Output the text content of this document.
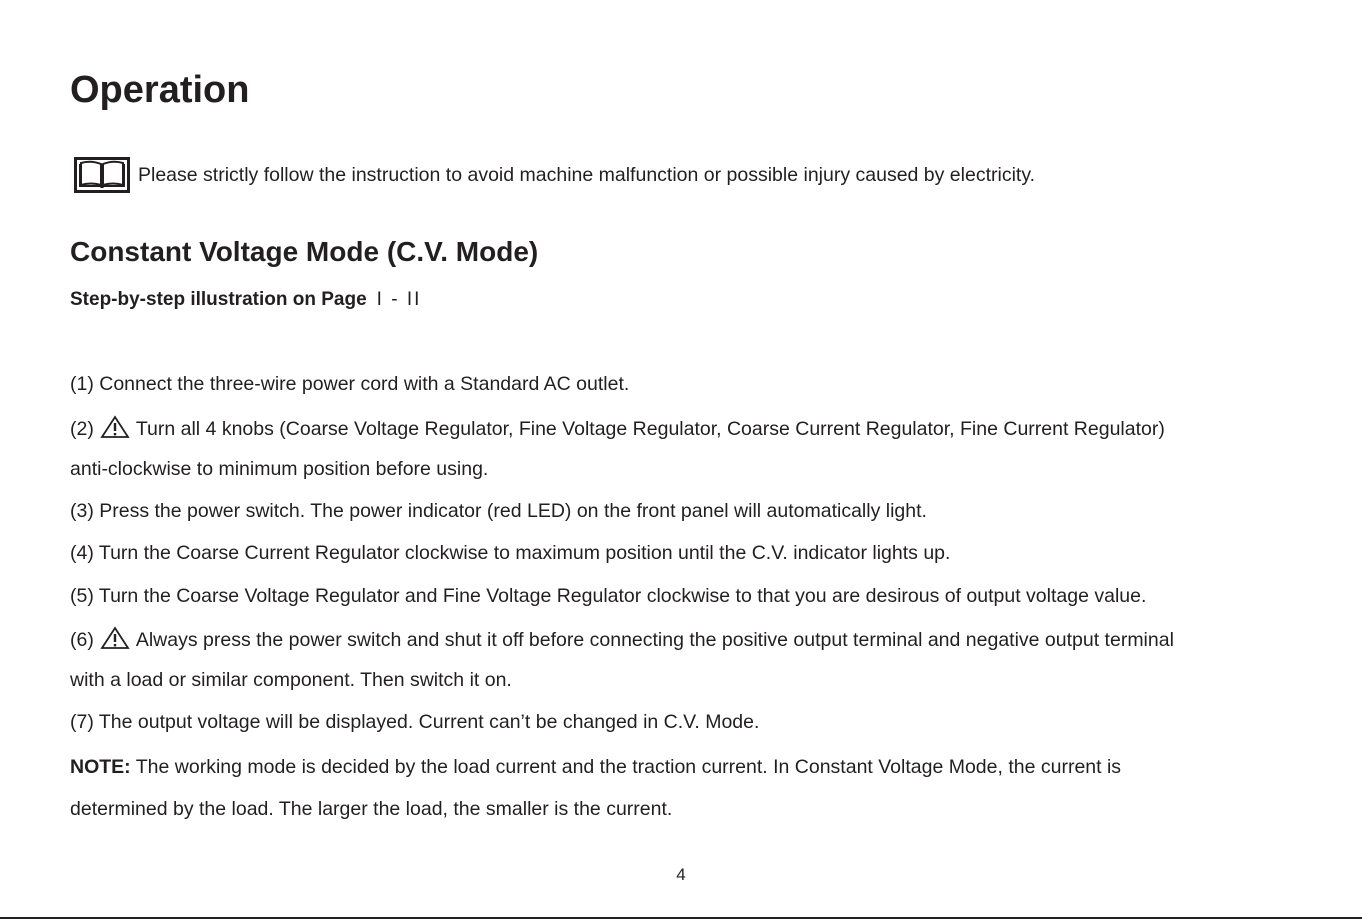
Operation
Please strictly follow the instruction to avoid machine malfunction or possible injury caused by electricity.
Constant Voltage Mode (C.V. Mode)

Step-by-step illustration on Page I - II

(1) Connect the three-wire power cord with a Standard AC outlet.

(2) Turn all 4 knobs (Coarse Voltage Regulator, Fine Voltage Regulator, Coarse Current Regulator, Fine Current Regulator)

anti-clockwise to minimum position before using.

(3) Press the power switch. The power indicator (red LED) on the front panel will automatically light.

(4) Turn the Coarse Current Regulator clockwise to maximum position until the C.V. indicator lights up.

(5) Turn the Coarse Voltage Regulator and Fine Voltage Regulator clockwise to that you are desirous of output voltage value.

(6) Always press the power switch and shut it off before connecting the positive output terminal and negative output terminal

with a load or similar component. Then switch it on.

(7) The output voltage will be displayed. Current can’t be changed in C.V. Mode.

NOTE: The working mode is decided by the load current and the traction current. In Constant Voltage Mode, the current is

determined by the load. The larger the load, the smaller is the current.

4
